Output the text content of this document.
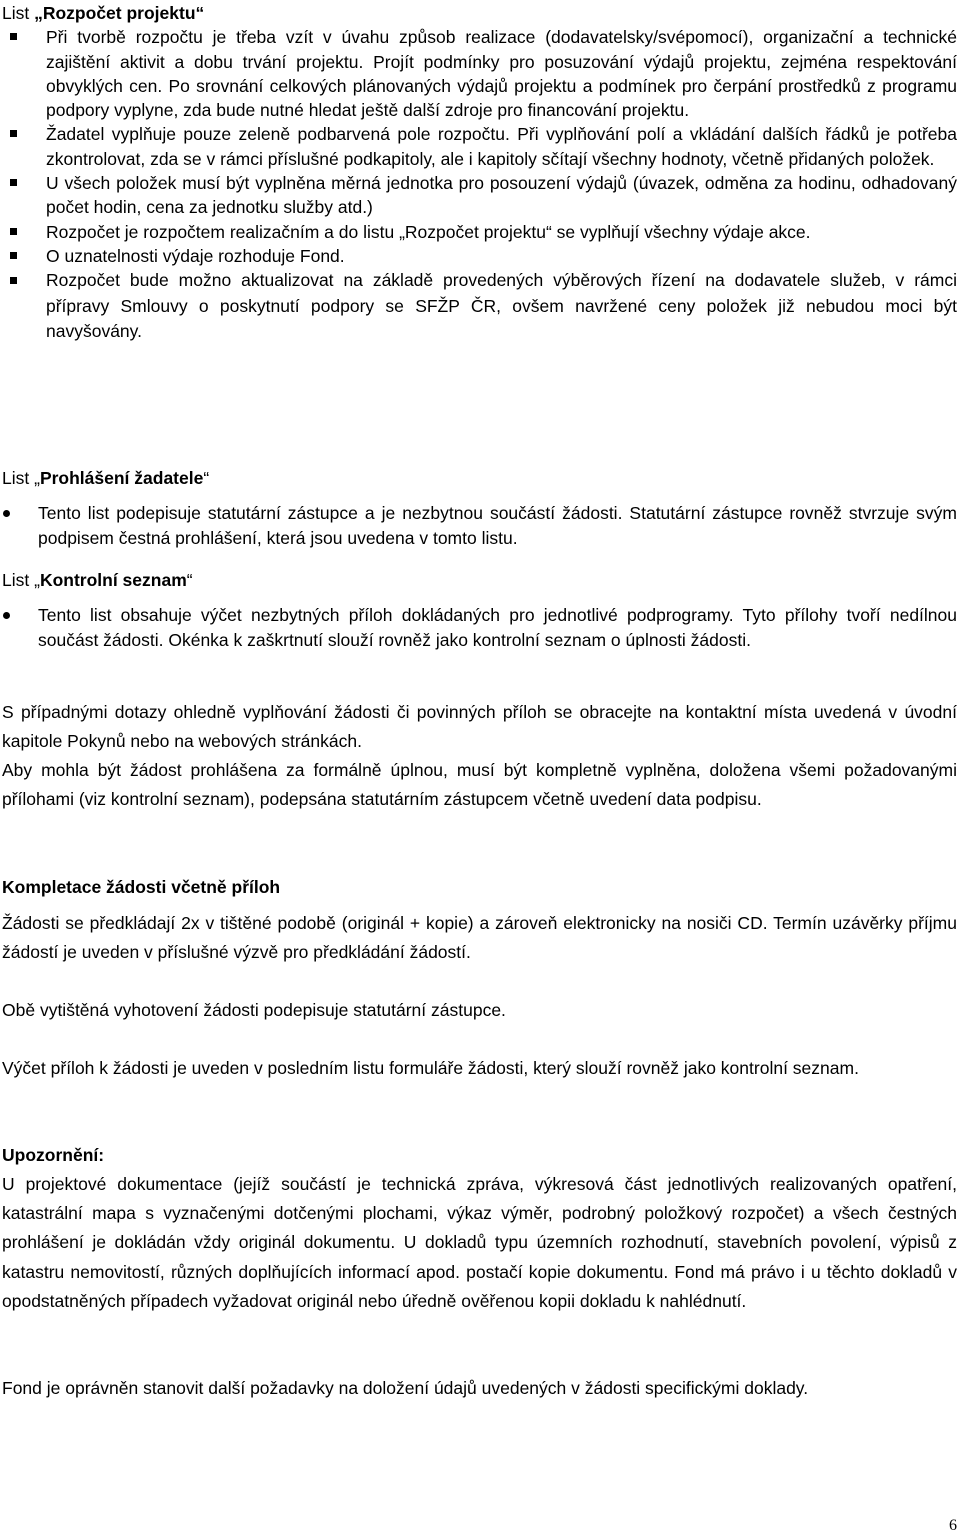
List „Rozpočet projektu“
Při tvorbě rozpočtu je třeba vzít v úvahu způsob realizace (dodavatelsky/svépomocí), organizační a technické zajištění aktivit a dobu trvání projektu. Projít podmínky pro posuzování výdajů projektu, zejména respektování obvyklých cen. Po srovnání celkových plánovaných výdajů projektu a podmínek pro čerpání prostředků z programu podpory vyplyne, zda bude nutné hledat ještě další zdroje pro financování projektu.
Žadatel vyplňuje pouze zeleně podbarvená pole rozpočtu. Při vyplňování polí a vkládání dalších řádků je potřeba zkontrolovat, zda se v rámci příslušné podkapitoly, ale i kapitoly sčítají všechny hodnoty, včetně přidaných položek.
U všech položek musí být vyplněna měrná jednotka pro posouzení výdajů (úvazek, odměna za hodinu, odhadovaný počet hodin, cena za jednotku služby atd.)
Rozpočet je rozpočtem realizačním a do listu „Rozpočet projektu“ se vyplňují všechny výdaje akce.
O uznatelnosti výdaje rozhoduje Fond.
Rozpočet bude možno aktualizovat na základě provedených výběrových řízení na dodavatele služeb, v rámci přípravy Smlouvy o poskytnutí podpory se SFŽP ČR, ovšem navržené ceny položek již nebudou moci být navyšovány.
List „Prohlášení žadatele“
Tento list podepisuje statutární zástupce a je nezbytnou součástí žádosti. Statutární zástupce rovněž stvrzuje svým podpisem čestná prohlášení, která jsou uvedena v tomto listu.
List „Kontrolní seznam“
Tento list obsahuje výčet nezbytných příloh dokládaných pro jednotlivé podprogramy. Tyto přílohy tvoří nedílnou součást žádosti. Okénka k zaškrtnutí slouží rovněž jako kontrolní seznam o úplnosti žádosti.

S případnými dotazy ohledně vyplňování žádosti či povinných příloh se obracejte na kontaktní místa uvedená v úvodní kapitole Pokynů nebo na webových stránkách.

Aby mohla být žádost prohlášena za formálně úplnou, musí být kompletně vyplněna, doložena všemi požadovanými přílohami (viz kontrolní seznam), podepsána statutárním zástupcem včetně uvedení data podpisu.

Kompletace žádosti včetně příloh

Žádosti se předkládají 2x v tištěné podobě (originál + kopie) a zároveň elektronicky na nosiči CD. Termín uzávěrky příjmu žádostí je uveden v příslušné výzvě pro předkládání žádostí.

Obě vytištěná vyhotovení žádosti podepisuje statutární zástupce.

Výčet příloh k žádosti je uveden v posledním listu formuláře žádosti, který slouží rovněž jako kontrolní seznam.

Upozornění:

U projektové dokumentace (jejíž součástí je technická zpráva, výkresová část jednotlivých realizovaných opatření, katastrální mapa s vyznačenými dotčenými plochami, výkaz výměr, podrobný položkový rozpočet) a všech čestných prohlášení je dokládán vždy originál dokumentu. U dokladů typu územních rozhodnutí, stavebních povolení, výpisů z katastru nemovitostí, různých doplňujících informací apod. postačí kopie dokumentu. Fond má právo i u těchto dokladů v opodstatněných případech vyžadovat originál nebo úředně ověřenou kopii dokladu k nahlédnutí.

Fond je oprávněn stanovit další požadavky na doložení údajů uvedených v žádosti specifickými doklady.

6
